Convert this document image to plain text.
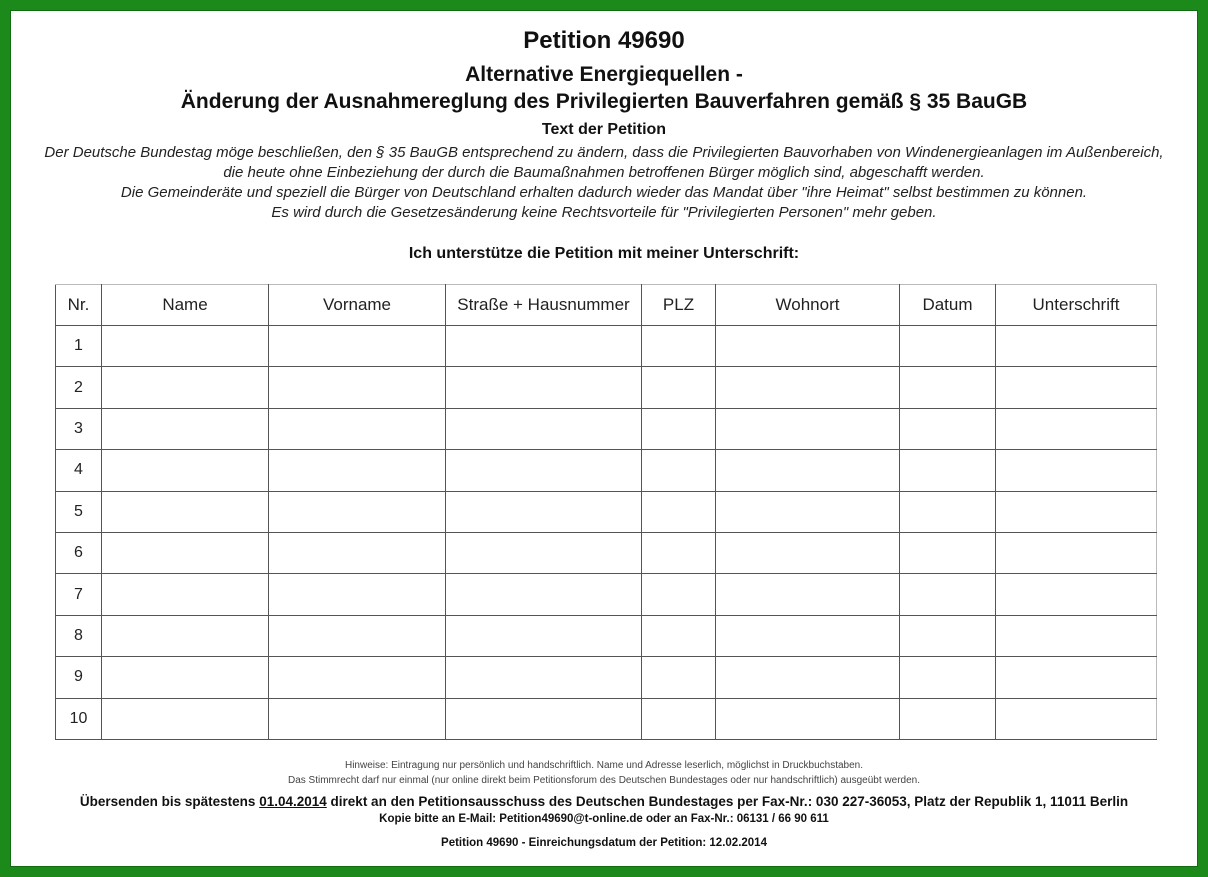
Petition 49690
Alternative Energiequellen -
Änderung der Ausnahmereglung des Privilegierten Bauverfahren gemäß § 35 BauGB
Text der Petition
Der Deutsche Bundestag möge beschließen, den § 35 BauGB entsprechend zu ändern, dass die Privilegierten Bauvorhaben von Windenergieanlagen im Außenbereich,
die heute ohne Einbeziehung der durch die Baumaßnahmen betroffenen Bürger möglich sind, abgeschafft werden.
Die Gemeinderäte und speziell die Bürger von Deutschland erhalten dadurch wieder das Mandat über "ihre Heimat" selbst bestimmen zu können.
Es wird durch die Gesetzesänderung keine Rechtsvorteile für "Privilegierten Personen" mehr geben.
Ich unterstütze die Petition mit meiner Unterschrift:
Nr.	Name	Vorname	Straße + Hausnummer	PLZ	Wohnort	Datum	Unterschrift
1							
2							
3							
4							
5							
6							
7							
8							
9							
10							
Hinweise: Eintragung nur persönlich und handschriftlich. Name und Adresse leserlich, möglichst in Druckbuchstaben.
Das Stimmrecht darf nur einmal (nur online direkt beim Petitionsforum des Deutschen Bundestages oder nur handschriftlich) ausgeübt werden.
Übersenden bis spätestens 01.04.2014 direkt an den Petitionsausschuss des Deutschen Bundestages per Fax-Nr.: 030 227-36053, Platz der Republik 1, 11011 Berlin
Kopie bitte an E-Mail: Petition49690@t-online.de oder an Fax-Nr.: 06131 / 66 90 611
Petition 49690 - Einreichungsdatum der Petition: 12.02.2014
